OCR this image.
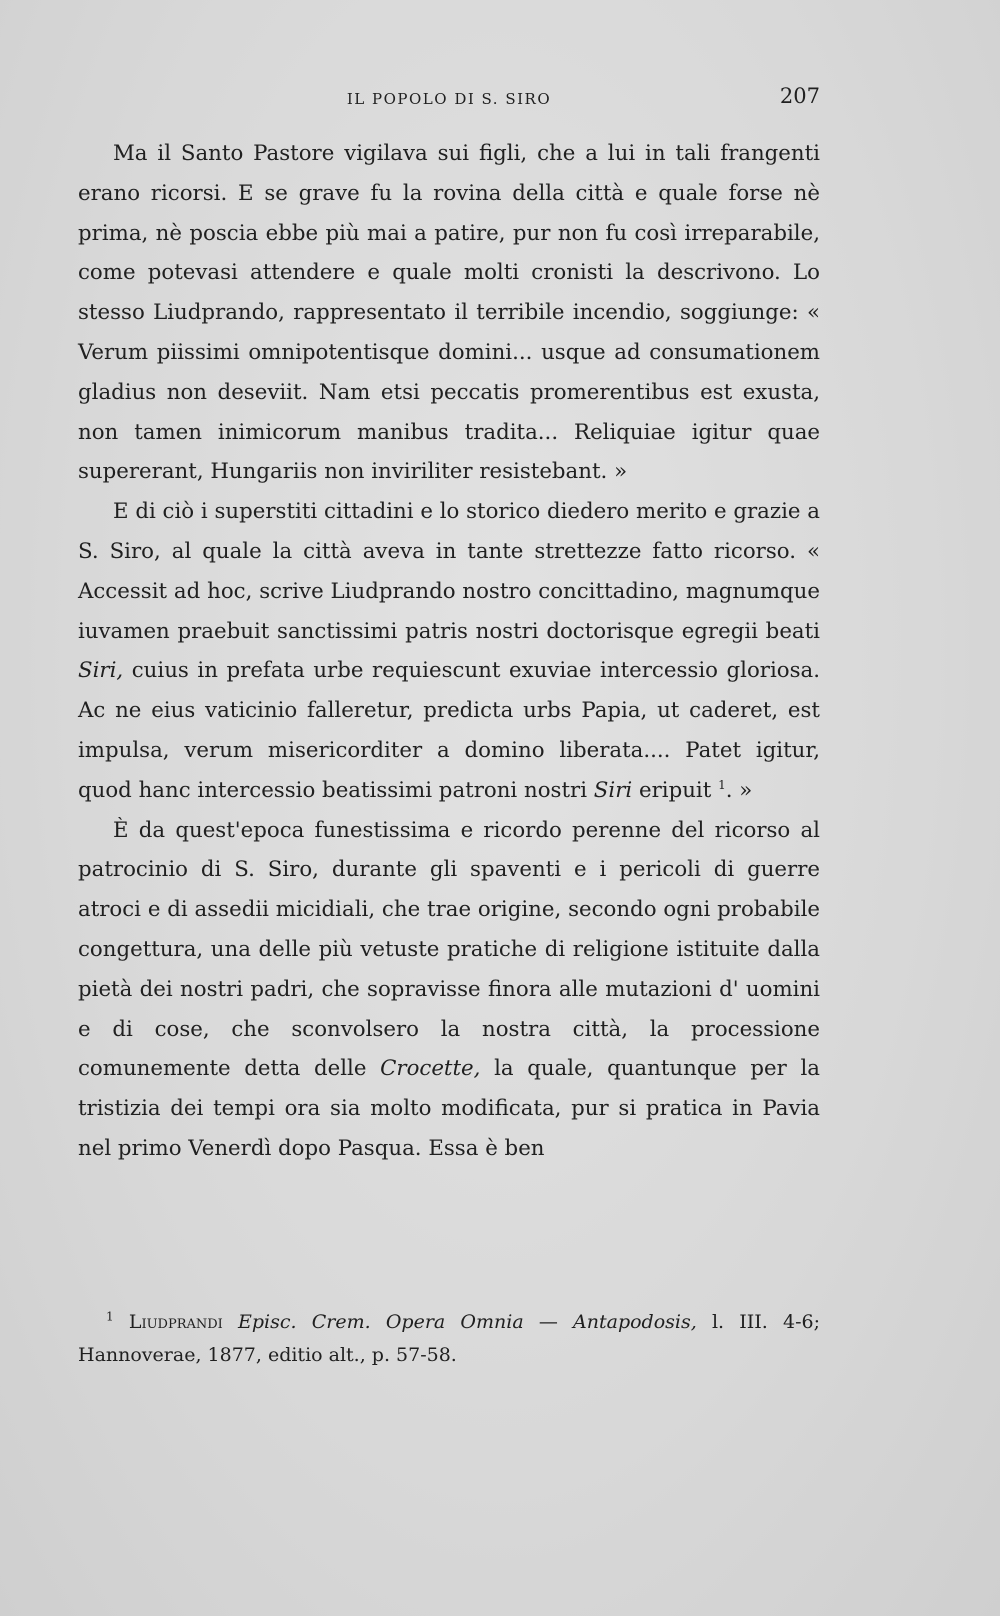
IL POPOLO DI S. SIRO	207

Ma il Santo Pastore vigilava sui figli, che a lui in tali frangenti erano ricorsi. E se grave fu la rovina della città e quale forse nè prima, nè poscia ebbe più mai a patire, pur non fu così irreparabile, come potevasi attendere e quale molti cronisti la descrivono. Lo stesso Liudprando, rappresentato il terribile incendio, soggiunge: « Verum piissimi omnipotentisque domini... usque ad consumationem gladius non deseviit. Nam etsi peccatis promerentibus est exusta, non tamen inimicorum manibus tradita... Reliquiae igitur quae supererant, Hungariis non inviriliter resistebant. »

E di ciò i superstiti cittadini e lo storico diedero merito e grazie a S. Siro, al quale la città aveva in tante strettezze fatto ricorso. « Accessit ad hoc, scrive Liudprando nostro concittadino, magnumque iuvamen praebuit sanctissimi patris nostri doctorisque egregii beati Siri, cuius in prefata urbe requiescunt exuviae intercessio gloriosa. Ac ne eius vaticinio falleretur, predicta urbs Papia, ut caderet, est impulsa, verum misericorditer a domino liberata.... Patet igitur, quod hanc intercessio beatissimi patroni nostri Siri eripuit $^1$. »

È da quest'epoca funestissima e ricordo perenne del ricorso al patrocinio di S. Siro, durante gli spaventi e i pericoli di guerre atroci e di assedii micidiali, che trae origine, secondo ogni probabile congettura, una delle più vetuste pratiche di religione istituite dalla pietà dei nostri padri, che sopravisse finora alle mutazioni d' uomini e di cose, che sconvolsero la nostra città, la processione comunemente detta delle Crocette, la quale, quantunque per la tristizia dei tempi ora sia molto modificata, pur si pratica in Pavia nel primo Venerdì dopo Pasqua. Essa è ben

$^1$ Liudprandi Episc. Crem. Opera Omnia — Antapodosis, l. III. 4-6; Hannoverae, 1877, editio alt., p. 57-58.
